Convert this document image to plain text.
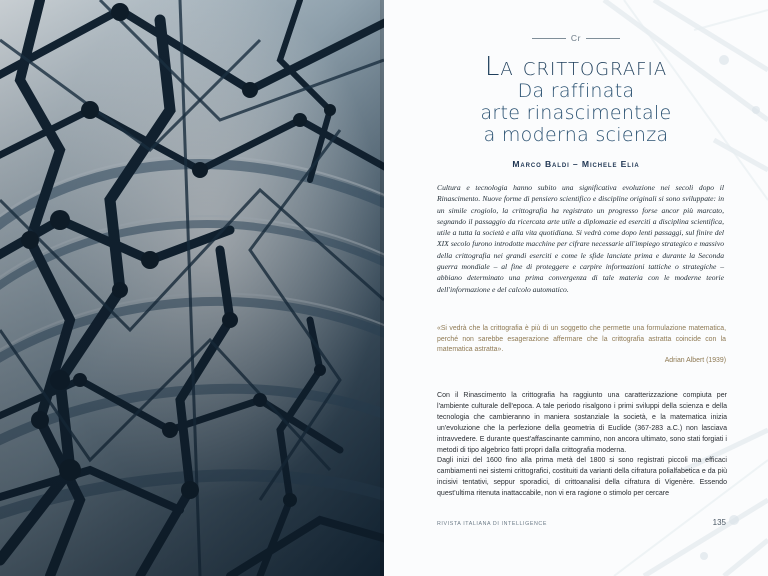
Cr
La crittografia
Da raffinata
arte rinascimentale
a moderna scienza
Marco Baldi – Michele Elia
Cultura e tecnologia hanno subito una significativa evoluzione nei secoli dopo il Rinascimento. Nuove forme di pensiero scientifico e discipline originali si sono sviluppate: in un simile crogiolo, la crittografia ha registrato un progresso forse ancor più marcato, segnando il passaggio da ricercata arte utile a diplomazie ed eserciti a disciplina scientifica, utile a tutta la società e alla vita quotidiana. Si vedrà come dopo lenti passaggi, sul finire del XIX secolo furono introdotte macchine per cifrare necessarie all'impiego strategico e massivo della crittografia nei grandi eserciti e come le sfide lanciate prima e durante la Seconda guerra mondiale – al fine di proteggere e carpire informazioni tattiche o strategiche – abbiano determinato una prima convergenza di tale materia con le moderne teorie dell'informazione e del calcolo automatico.
«Si vedrà che la crittografia è più di un soggetto che permette una formulazione matematica, perché non sarebbe esagerazione affermare che la crittografia astratta coincide con la matematica astratta».
Adrian Albert (1939)

Con il Rinascimento la crittografia ha raggiunto una caratterizzazione compiuta per l'ambiente culturale dell'epoca. A tale periodo risalgono i primi sviluppi della scienza e della tecnologia che cambieranno in maniera sostanziale la società, e la matematica inizia un'evoluzione che la perfezione della geometria di Euclide (367-283 a.C.) non lasciava intravvedere. E durante quest'affascinante cammino, non ancora ultimato, sono stati forgiati i metodi di tipo algebrico fatti propri dalla crittografia moderna.

Dagli inizi del 1600 fino alla prima metà del 1800 si sono registrati piccoli ma efficaci cambiamenti nei sistemi crittografici, costituiti da varianti della cifratura polialfabetica e da più incisivi tentativi, seppur sporadici, di crittoanalisi della cifratura di Vigenère. Essendo quest'ultima ritenuta inattaccabile, non vi era ragione o stimolo per cercare

RIVISTA ITALIANA DI INTELLIGENCE	135
